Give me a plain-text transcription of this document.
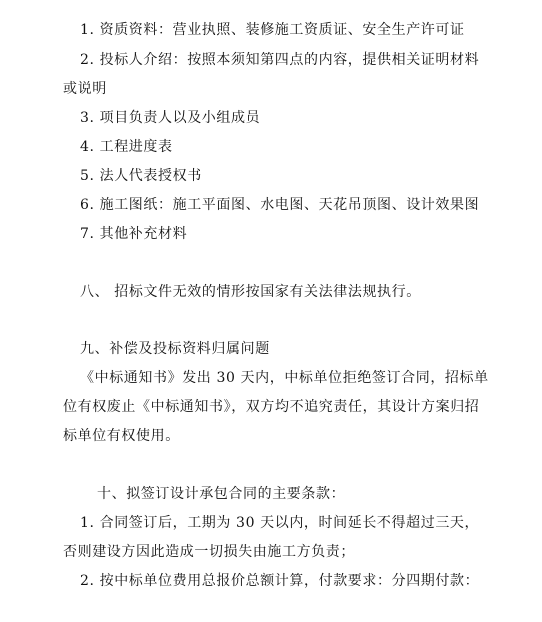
1. 资质资料：营业执照、装修施工资质证、安全生产许可证
2. 投标人介绍：按照本须知第四点的内容，提供相关证明材料
或说明
3. 项目负责人以及小组成员
4. 工程进度表
5. 法人代表授权书
6. 施工图纸：施工平面图、水电图、天花吊顶图、设计效果图
7. 其他补充材料
八、 招标文件无效的情形按国家有关法律法规执行。
九、补偿及投标资料归属问题
《中标通知书》发出 30 天内，中标单位拒绝签订合同，招标单
位有权废止《中标通知书》，双方均不追究责任，其设计方案归招
标单位有权使用。
十、拟签订设计承包合同的主要条款：
1. 合同签订后，工期为 30 天以内，时间延长不得超过三天，
否则建设方因此造成一切损失由施工方负责；
2. 按中标单位费用总报价总额计算，付款要求：分四期付款：
